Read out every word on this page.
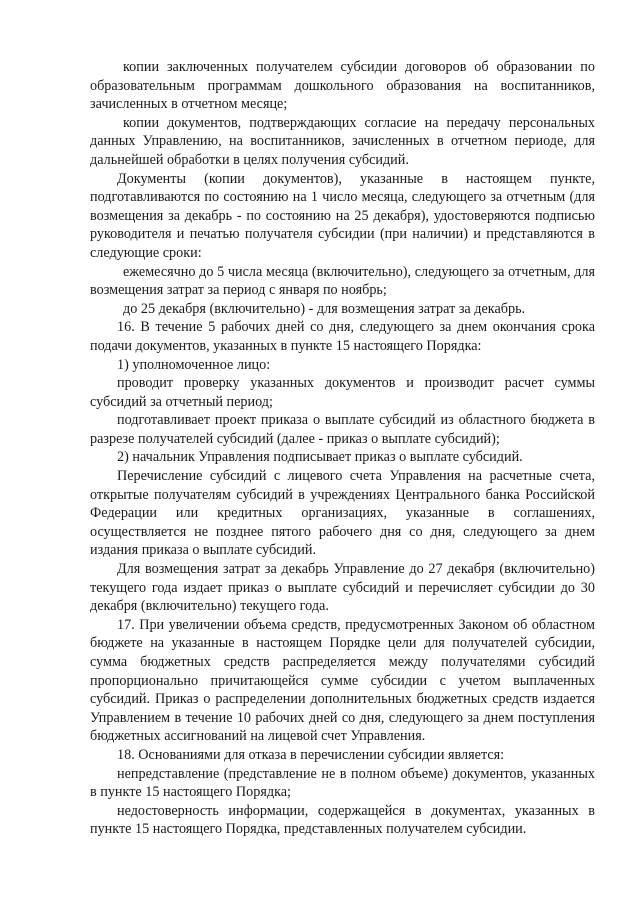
копии заключенных получателем субсидии договоров об образовании по образовательным программам дошкольного образования на воспитанников, зачисленных в отчетном месяце;

копии документов, подтверждающих согласие на передачу персональных данных Управлению, на воспитанников, зачисленных в отчетном периоде, для дальнейшей обработки в целях получения субсидий.

Документы (копии документов), указанные в настоящем пункте, подготавливаются по состоянию на 1 число месяца, следующего за отчетным (для возмещения за декабрь - по состоянию на 25 декабря), удостоверяются подписью руководителя и печатью получателя субсидии (при наличии) и представляются в следующие сроки:

ежемесячно до 5 числа месяца (включительно), следующего за отчетным, для возмещения затрат за период с января по ноябрь;

до 25 декабря (включительно) - для возмещения затрат за декабрь.

16. В течение 5 рабочих дней со дня, следующего за днем окончания срока подачи документов, указанных в пункте 15 настоящего Порядка:

1) уполномоченное лицо:

проводит проверку указанных документов и производит расчет суммы субсидий за отчетный период;

подготавливает проект приказа о выплате субсидий из областного бюджета в разрезе получателей субсидий (далее - приказ о выплате субсидий);

2) начальник Управления подписывает приказ о выплате субсидий.

Перечисление субсидий с лицевого счета Управления на расчетные счета, открытые получателям субсидий в учреждениях Центрального банка Российской Федерации или кредитных организациях, указанные в соглашениях, осуществляется не позднее пятого рабочего дня со дня, следующего за днем издания приказа о выплате субсидий.

Для возмещения затрат за декабрь Управление до 27 декабря (включительно) текущего года издает приказ о выплате субсидий и перечисляет субсидии до 30 декабря (включительно) текущего года.

17. При увеличении объема средств, предусмотренных Законом об областном бюджете на указанные в настоящем Порядке цели для получателей субсидии, сумма бюджетных средств распределяется между получателями субсидий пропорционально причитающейся сумме субсидии с учетом выплаченных субсидий. Приказ о распределении дополнительных бюджетных средств издается Управлением в течение 10 рабочих дней со дня, следующего за днем поступления бюджетных ассигнований на лицевой счет Управления.

18. Основаниями для отказа в перечислении субсидии является:

непредставление (представление не в полном объеме) документов, указанных в пункте 15 настоящего Порядка;

недостоверность информации, содержащейся в документах, указанных в пункте 15 настоящего Порядка, представленных получателем субсидии.
